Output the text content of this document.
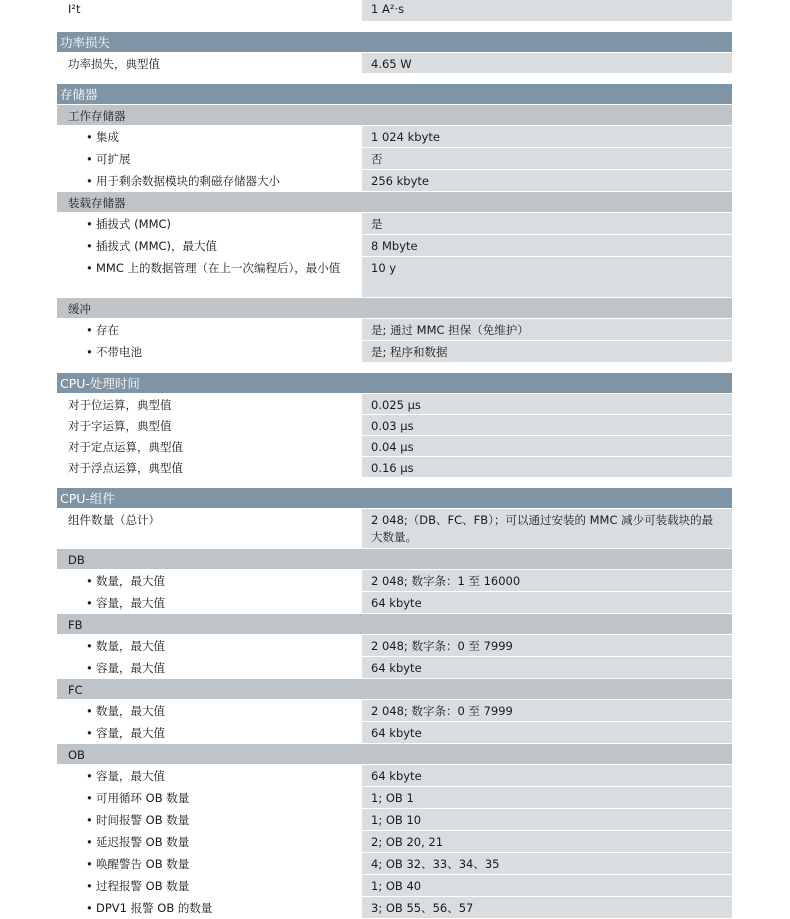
I²t	1 A²·s
功率损失
功率损失，典型值	4.65 W
存储器
工作存储器
• 集成	1 024 kbyte
• 可扩展	否
• 用于剩余数据模块的剩磁存储器大小	256 kbyte
装载存储器
• 插拔式 (MMC)	是
• 插拔式 (MMC)，最大值	8 Mbyte
• MMC 上的数据管理（在上一次编程后），最小值	10 y
缓冲
• 存在	是; 通过 MMC 担保（免维护）
• 不带电池	是; 程序和数据
CPU-处理时间
对于位运算，典型值	0.025 µs
对于字运算，典型值	0.03 µs
对于定点运算，典型值	0.04 µs
对于浮点运算，典型值	0.16 µs
CPU-组件
组件数量（总计）	2 048;（DB、FC、FB）；可以通过安装的 MMC 减少可装载块的最大数量。
DB
• 数量，最大值	2 048; 数字条：1 至 16000
• 容量，最大值	64 kbyte
FB
• 数量，最大值	2 048; 数字条：0 至 7999
• 容量，最大值	64 kbyte
FC
• 数量，最大值	2 048; 数字条：0 至 7999
• 容量，最大值	64 kbyte
OB
• 容量，最大值	64 kbyte
• 可用循环 OB 数量	1; OB 1
• 时间报警 OB 数量	1; OB 10
• 延迟报警 OB 数量	2; OB 20, 21
• 唤醒警告 OB 数量	4; OB 32、33、34、35
• 过程报警 OB 数量	1; OB 40
• DPV1 报警 OB 的数量	3; OB 55、56、57
